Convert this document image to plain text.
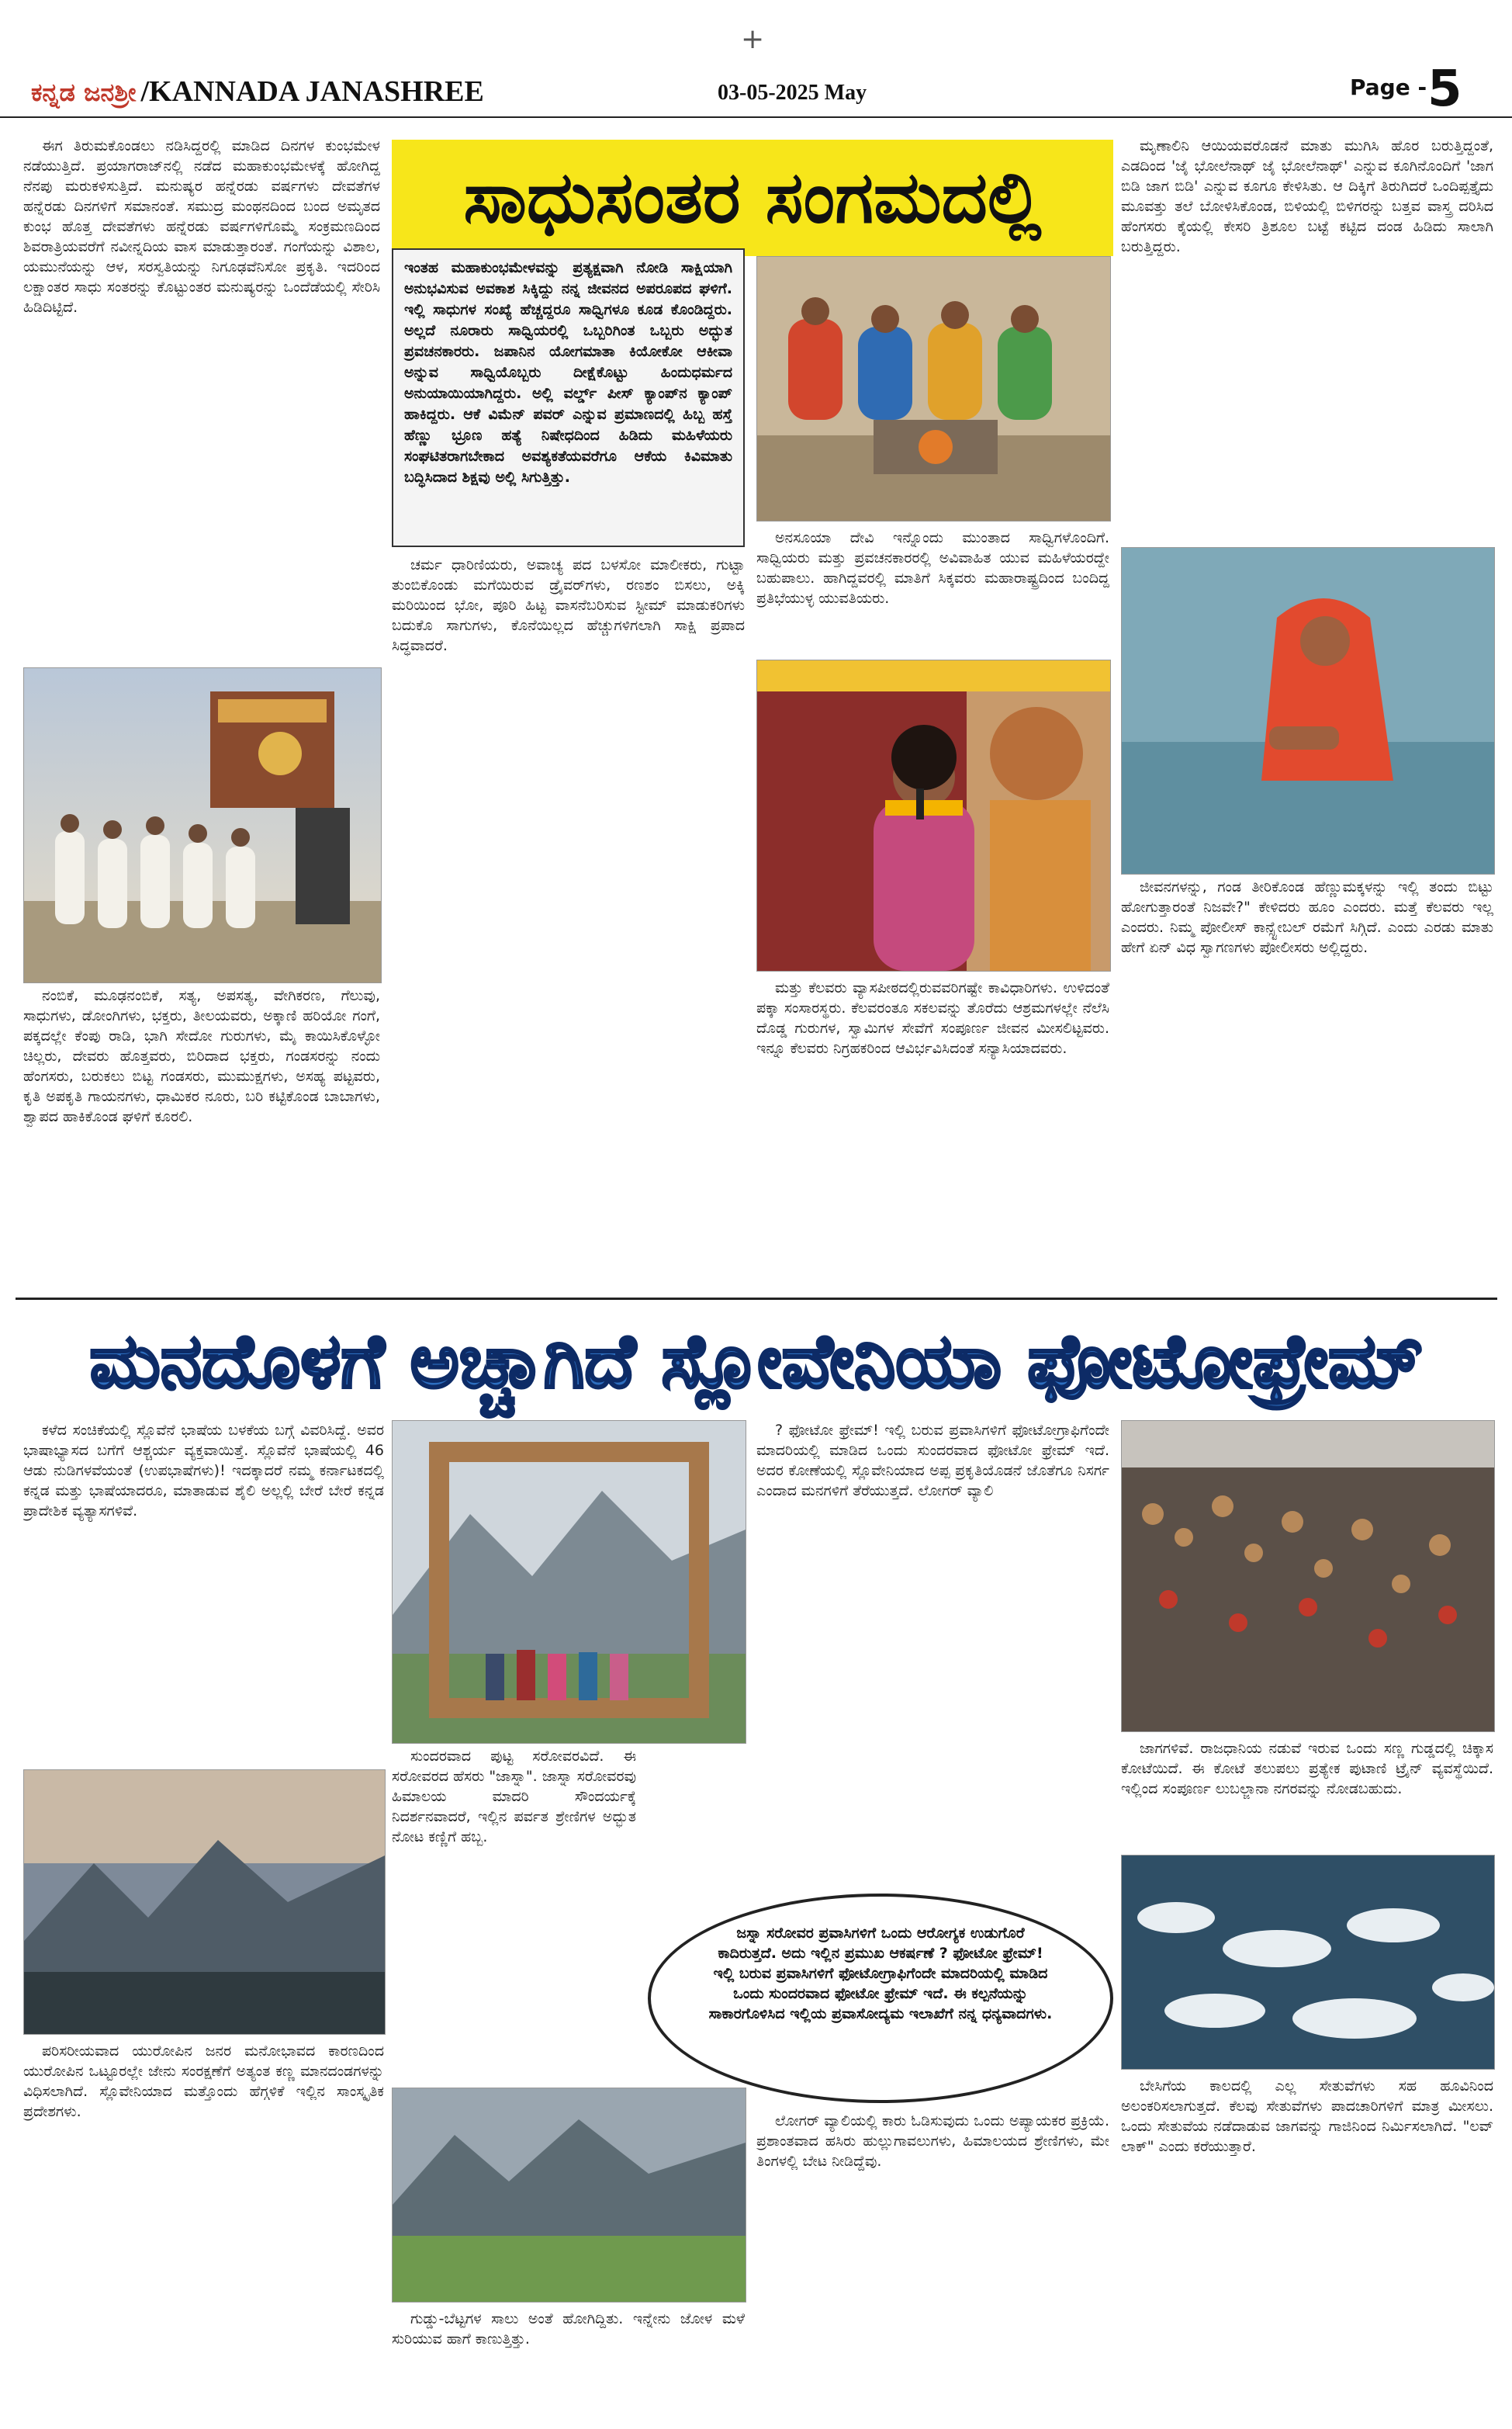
+
ಕನ್ನಡ ಜನಶ್ರೀ /KANNADA JANASHREE	03-05-2025 May	Page - 5
ಸಾಧುಸಂತರ ಸಂಗಮದಲ್ಲಿ

ಈಗ ತಿರುಮಕೊಂಡಲು ನಡಿಸಿದ್ದರಲ್ಲಿ ಮಾಡಿದ ದಿನಗಳ ಕುಂಭಮೇಳ ನಡೆಯುತ್ತಿದೆ. ಪ್ರಯಾಗರಾಜ್‌ನಲ್ಲಿ ನಡೆದ ಮಹಾಕುಂಭಮೇಳಕ್ಕೆ ಹೋಗಿದ್ದ ನೆನಪು ಮರುಕಳಿಸುತ್ತಿದೆ. ಮನುಷ್ಯರ ಹನ್ನೆರಡು ವರ್ಷಗಳು ದೇವತೆಗಳ ಹನ್ನೆರಡು ದಿನಗಳಿಗೆ ಸಮಾನಂತೆ. ಸಮುದ್ರ ಮಂಥನದಿಂದ ಬಂದ ಅಮೃತದ ಕುಂಭ ಹೊತ್ತ ದೇವತೆಗಳು ಹನ್ನೆರಡು ವರ್ಷಗಳಿಗೊಮ್ಮೆ ಸಂಕ್ರಮಣದಿಂದ ಶಿವರಾತ್ರಿಯವರೆಗೆ ನವೀನ್ನದಿಯ ವಾಸ ಮಾಡುತ್ತಾರಂತೆ. ಗಂಗೆಯನ್ನು ವಿಶಾಲ, ಯಮುನೆಯನ್ನು ಆಳ, ಸರಸ್ವತಿಯನ್ನು ನಿಗೂಢವೆನಿಸೋ ಪ್ರಕೃತಿ. ಇದರಿಂದ ಲಕ್ಷಾಂತರ ಸಾಧು ಸಂತರನ್ನು ಕೊಟ್ಟುಂತರ ಮನುಷ್ಯರನ್ನು ಒಂದೆಡೆಯಲ್ಲಿ ಸೇರಿಸಿ ಹಿಡಿದಿಟ್ಟಿದೆ.

ನಂಬಿಕೆ, ಮೂಢನಂಬಿಕೆ, ಸತ್ಯ, ಅಪಸತ್ಯ, ವೇಗಿಕರಣ, ಗೆಲುವು, ಸಾಧುಗಳು, ಡೋಂಗಿಗಳು, ಭಕ್ತರು, ತೀಲಯವರು, ಅಕ್ಕಾಣಿ ಹರಿಯೋ ಗಂಗೆ, ಪಕ್ಕದಲ್ಲೇ ಕೆಂಪು ರಾಡಿ, ಭಾಗಿ ಸೇದೋ ಗುರುಗಳು, ಮೈ ಕಾಯಿಸಿಕೊಳ್ಳೋ ಚಿಲ್ಲರು, ದೇವರು ಹೊತ್ತವರು, ಬಿರಿದಾದ ಭಕ್ತರು, ಗಂಡಸರನ್ನು ನಂದು ಹೆಂಗಸರು, ಬರುಕಲು ಬಿಟ್ಟ ಗಂಡಸರು, ಮುಮುಕ್ಷಗಳು, ಅಸಹ್ಯ ಪಟ್ಟವರು, ಕೃತಿ ಅಪಕೃತಿ ಗಾಯನಗಳು, ಧಾಮಿಕರ ನೂರು, ಬರಿ ಕಟ್ಟಿಕೊಂಡ ಬಾಬಾಗಳು, ಶ್ವಾಪದ ಹಾಕಿಕೊಂಡ ಘಳಿಗೆ ಕೂರಲಿ.

ಇಂತಹ ಮಹಾಕುಂಭಮೇಳವನ್ನು ಪ್ರತ್ಯಕ್ಷವಾಗಿ ನೋಡಿ ಸಾಕ್ಷಿಯಾಗಿ ಅನುಭವಿಸುವ ಅವಕಾಶ ಸಿಕ್ಕಿದ್ದು ನನ್ನ ಜೀವನದ ಅಪರೂಪದ ಘಳಿಗೆ. ಇಲ್ಲಿ ಸಾಧುಗಳ ಸಂಖ್ಯೆ ಹೆಚ್ಚದ್ದರೂ ಸಾಧ್ವಿಗಳೂ ಕೂಡ ಕೊಂಡಿದ್ದರು. ಅಲ್ಲದೆ ನೂರಾರು ಸಾಧ್ವಿಯರಲ್ಲಿ ಒಬ್ಬರಿಗಿಂತ ಒಬ್ಬರು ಅದ್ಭುತ ಪ್ರವಚನಕಾರರು. ಜಪಾನಿನ ಯೋಗಮಾತಾ ಕಿಯೋಕೋ ಆಕೀವಾ ಅನ್ನುವ ಸಾಧ್ವಿಯೊಬ್ಬರು ದೀಕ್ಷೆಕೊಟ್ಟು ಹಿಂದುಧರ್ಮದ ಅನುಯಾಯಿಯಾಗಿದ್ದರು. ಅಲ್ಲಿ ವರ್ಲ್ಡ್ ಪೀಸ್ ಕ್ಯಾಂಪ್‌ನ ಕ್ಯಾಂಪ್ ಹಾಕಿದ್ದರು. ಆಕೆ ವಿಮೆನ್ ಪವರ್ ಎನ್ನುವ ಪ್ರಮಾಣದಲ್ಲಿ ಹಿಬ್ಬ ಹಸ್ತೆ ಹೆಣ್ಣು ಭ್ರೂಣ ಹತ್ಯೆ ನಿಷೇಧದಿಂದ ಹಿಡಿದು ಮಹಿಳೆಯರು ಸಂಘಟಿತರಾಗಬೇಕಾದ ಅವಶ್ಯಕತೆಯವರೆಗೂ ಆಕೆಯ ಕಿವಿಮಾತು ಬದ್ಧಿಸಿದಾದ ಶಿಕ್ಷವು ಅಲ್ಲಿ ಸಿಗುತ್ತಿತ್ತು.

ಚರ್ಮ ಧಾರಿಣಿಯರು, ಅವಾಚ್ಯ ಪದ ಬಳಸೋ ಮಾಲೀಕರು, ಗುಟ್ಟಾ ತುಂಬಿಕೊಂಡು ಮಗೆಯಿರುವ ಡ್ರೈವರ್‌ಗಳು, ರಣಶಂ ಬಿಸಲು, ಅಕ್ಕಿ ಮರಿಯಿಂದ ಭೋ, ಪೂರಿ ಹಿಟ್ಟ ವಾಸನೆಬರಿಸುವ ಸ್ಟೀಮ್ ಮಾಡುಕರಿಗಳು ಬದುಕೊ ಸಾಗುಗಳು, ಕೊನೆಯಿಲ್ಲದ ಹೆಚ್ಚುಗಳಿಗಲಾಗಿ ಸಾಕ್ಷಿ ಪ್ರಪಾದ ಸಿದ್ಧವಾದರೆ.

ಅನಸೂಯಾ ದೇವಿ ಇನ್ನೊಂದು ಮುಂತಾದ ಸಾಧ್ವಿಗಳೊಂದಿಗೆ. ಸಾಧ್ವಿಯರು ಮತ್ತು ಪ್ರವಚನಕಾರರಲ್ಲಿ ಅವಿವಾಹಿತ ಯುವ ಮಹಿಳೆಯರದ್ದೇ ಬಹುಪಾಲು. ಹಾಗಿದ್ದವರಲ್ಲಿ ಮಾತಿಗೆ ಸಿಕ್ಕವರು ಮಹಾರಾಷ್ಟ್ರದಿಂದ ಬಂದಿದ್ದ ಪ್ರತಿಭೆಯುಳ್ಳ ಯುವತಿಯರು.

ಮತ್ತು ಕೆಲವರು ವ್ಯಾಸಪೀಠದಲ್ಲಿರುವವರಿಗಷ್ಟೇ ಕಾವಿಧಾರಿಗಳು. ಉಳಿದಂತೆ ಪಕ್ಕಾ ಸಂಸಾರಸ್ಥರು. ಕೆಲವರಂತೂ ಸಕಲವನ್ನು ತೊರೆದು ಆಶ್ರಮಗಳಲ್ಲೇ ನೆಲೆಸಿ ದೊಡ್ಡ ಗುರುಗಳ, ಸ್ವಾಮಿಗಳ ಸೇವೆಗೆ ಸಂಪೂರ್ಣ ಜೀವನ ಮೀಸಲಿಟ್ಟವರು. ಇನ್ನೂ ಕೆಲವರು ನಿಗ್ರಹಕರಿಂದ ಆವಿರ್ಭವಿಸಿದಂತೆ ಸನ್ಯಾಸಿಯಾದವರು.

ಮೃಣಾಲಿನಿ ಆಯಿಯವರೊಡನೆ ಮಾತು ಮುಗಿಸಿ ಹೊರ ಬರುತ್ತಿದ್ದಂತೆ, ಎಡದಿಂದ 'ಜೈ ಭೋಲೆನಾಥ್ ಜೈ ಭೋಲೆನಾಥ್' ಎನ್ನುವ ಕೂಗಿನೊಂದಿಗೆ 'ಜಾಗ ಬಿಡಿ ಜಾಗ ಬಿಡಿ' ಎನ್ನುವ ಕೂಗೂ ಕೇಳಿಸಿತು. ಆ ದಿಕ್ಕಿಗೆ ತಿರುಗಿದರೆ ಒಂದಿಪ್ಪತ್ತೈದು ಮೂವತ್ತು ತಲೆ ಬೋಳಿಸಿಕೊಂಡ, ಬಿಳಿಯಲ್ಲಿ ಬಿಳಿಗರನ್ನು ಬತ್ತವ ವಾಸ್ತ್ರ ದರಿಸಿದ ಹೆಂಗಸರು ಕೈಯಲ್ಲಿ ಕೇಸರಿ ತ್ರಿಶೂಲ ಬಟ್ಟೆ ಕಟ್ಟಿದ ದಂಡ ಹಿಡಿದು ಸಾಲಾಗಿ ಬರುತ್ತಿದ್ದರು.

ಜೀವನಗಳನ್ನು, ಗಂಡ ತೀರಿಕೊಂಡ ಹೆಣ್ಣುಮಕ್ಕಳನ್ನು ಇಲ್ಲಿ ತಂದು ಬಿಟ್ಟು ಹೋಗುತ್ತಾರಂತೆ ನಿಜವೇ?" ಕೇಳಿದರು ಹೂಂ ಎಂದರು. ಮತ್ತೆ ಕೆಲವರು ಇಲ್ಲ ಎಂದರು. ನಿಮ್ಮ ಪೋಲೀಸ್ ಕಾನ್ಸ್ಟೇಬಲ್ ರಮೆಗೆ ಸಿಗ್ಗಿದೆ. ಎಂದು ಎರಡು ಮಾತು ಹೇಗೆ ಏನ್ ವಿಧ ಸ್ವಾಗಣಗಳು ಪೋಲೀಸರು ಅಲ್ಲಿದ್ದರು.

ಮನದೊಳಗೆ ಅಚ್ಚಾಗಿದೆ ಸ್ಲೋವೇನಿಯಾ ಫೋಟೋಫ್ರೇಮ್

ಕಳೆದ ಸಂಚಿಕೆಯಲ್ಲಿ ಸ್ಲೊವೆನೆ ಭಾಷೆಯ ಬಳಕೆಯ ಬಗ್ಗೆ ವಿವರಿಸಿದ್ದೆ. ಅವರ ಭಾಷಾಭ್ಯಾಸದ ಬಗೆಗೆ ಆಶ್ಚರ್ಯ ವ್ಯಕ್ತವಾಯಿತ್ತೆ. ಸ್ಲೊವೆನೆ ಭಾಷೆಯಲ್ಲಿ 46 ಆಡು ನುಡಿಗಳವೆಯಂತೆ (ಉಪಭಾಷೆಗಳು)! ಇದಕ್ಕಾದರೆ ನಮ್ಮ ಕರ್ನಾಟಕದಲ್ಲಿ ಕನ್ನಡ ಮತ್ತು ಭಾಷೆಯಾದರೂ, ಮಾತಾಡುವ ಶೈಲಿ ಅಲ್ಲಲ್ಲಿ ಬೇರೆ ಬೇರೆ ಕನ್ನಡ ಪ್ರಾದೇಶಿಕ ವ್ಯತ್ಯಾಸಗಳಿವೆ.

ಪರಿಸರೀಯವಾದ ಯುರೋಪಿನ ಜನರ ಮನೋಭಾವದ ಕಾರಣದಿಂದ ಯುರೋಪಿನ ಒಟ್ಟೂರಲ್ಲೇ ಜೇನು ಸಂರಕ್ಷಣೆಗೆ ಅತ್ಯಂತ ಕಣ್ಣ ಮಾನದಂಡಗಳನ್ನು ವಿಧಿಸಲಾಗಿದೆ. ಸ್ಲೊವೇನಿಯಾದ ಮತ್ತೊಂದು ಹೆಗ್ಗಳಿಕೆ ಇಲ್ಲಿನ ಸಾಂಸ್ಕೃತಿಕ ಪ್ರದೇಶಗಳು.

ಸುಂದರವಾದ ಪುಟ್ಟ ಸರೋವರವಿದೆ. ಈ ಸರೋವರದ ಹೆಸರು "ಜಾಸ್ನಾ". ಜಾಸ್ನಾ ಸರೋವರವು ಹಿಮಾಲಯ ಮಾದರಿ ಸೌಂದರ್ಯಕ್ಕೆ ನಿದರ್ಶನವಾದರೆ, ಇಲ್ಲಿನ ಪರ್ವತ ಶ್ರೇಣಿಗಳ ಅದ್ಭುತ ನೋಟ ಕಣ್ಣಿಗೆ ಹಬ್ಬ.

ಗುಡ್ಡು-ಬೆಟ್ಟಗಳ ಸಾಲು ಅಂತೆ ಹೋಗಿದ್ದಿತು. ಇನ್ನೇನು ಜೋಳ ಮಳೆ ಸುರಿಯುವ ಹಾಗೆ ಕಾಣುತ್ತಿತ್ತು.

? ಫೋಟೋ ಫ್ರೇಮ್! ಇಲ್ಲಿ ಬರುವ ಪ್ರವಾಸಿಗಳಿಗೆ ಫೋಟೋಗ್ರಾಫಿಗೆಂದೇ ಮಾದರಿಯಲ್ಲಿ ಮಾಡಿದ ಒಂದು ಸುಂದರವಾದ ಫೋಟೋ ಫ್ರೇಮ್ ಇದೆ. ಅದರ ಕೋಣೆಯಲ್ಲಿ ಸ್ಲೊವೇನಿಯಾದ ಅಪ್ಪ ಪ್ರಕೃತಿಯೊಡನೆ ಜೊತೆಗೂ ನಿಸರ್ಗ ಎಂದಾದ ಮನಗಳಿಗೆ ತೆರೆಯುತ್ತದೆ. ಲೋಗರ್ ವ್ಯಾಲಿ

ಜಸ್ನಾ ಸರೋವರ ಪ್ರವಾಸಿಗಳಿಗೆ ಒಂದು ಆರೋಗ್ಯಕ ಉಡುಗೊರೆ ಕಾದಿರುತ್ತದೆ. ಅದು ಇಲ್ಲಿನ ಪ್ರಮುಖ ಆಕರ್ಷಣೆ ? ಫೋಟೋ ಫ್ರೇಮ್! ಇಲ್ಲಿ ಬರುವ ಪ್ರವಾಸಿಗಳಿಗೆ ಫೋಟೋಗ್ರಾಫಿಗೆಂದೇ ಮಾದರಿಯಲ್ಲಿ ಮಾಡಿದ ಒಂದು ಸುಂದರವಾದ ಫೋಟೋ ಫ್ರೇಮ್ ಇದೆ. ಈ ಕಲ್ಪನೆಯನ್ನು ಸಾಕಾರಗೊಳಿಸಿದ ಇಲ್ಲಿಯ ಪ್ರವಾಸೋದ್ಯಮ ಇಲಾಖೆಗೆ ನನ್ನ ಧನ್ಯವಾದಗಳು.

ಲೋಗರ್ ವ್ಯಾಲಿಯಲ್ಲಿ ಕಾರು ಓಡಿಸುವುದು ಒಂದು ಅಪ್ಯಾಯಕರ ಪ್ರಕ್ರಿಯೆ. ಪ್ರಶಾಂತವಾದ ಹಸಿರು ಹುಲ್ಲುಗಾವಲುಗಳು, ಹಿಮಾಲಯದ ಶ್ರೇಣಿಗಳು, ಮೇ ತಿಂಗಳಲ್ಲಿ ಬೇಟ ನೀಡಿದ್ದೆವು.

ಜಾಗಗಳಿವೆ. ರಾಜಧಾನಿಯ ನಡುವೆ ಇರುವ ಒಂದು ಸಣ್ಣ ಗುಡ್ಡದಲ್ಲಿ ಚಿಕ್ಕಾಸ ಕೋಟೆಯಿದೆ. ಈ ಕೋಟೆ ತಲುಪಲು ಪ್ರತ್ಯೇಕ ಪುಟಾಣಿ ಟ್ರೈನ್ ವ್ಯವಸ್ಥೆಯಿದೆ. ಇಲ್ಲಿಂದ ಸಂಪೂರ್ಣ ಲುಬಲ್ಜಾನಾ ನಗರವನ್ನು ನೋಡಬಹುದು.

ಬೇಸಿಗೆಯ ಕಾಲದಲ್ಲಿ ಎಲ್ಲ ಸೇತುವೆಗಳು ಸಹ ಹೂವಿನಿಂದ ಅಲಂಕರಿಸಲಾಗುತ್ತದೆ. ಕೆಲವು ಸೇತುವೆಗಳು ಪಾದಚಾರಿಗಳಿಗೆ ಮಾತ್ರ ಮೀಸಲು. ಒಂದು ಸೇತುವೆಯ ನಡೆದಾಡುವ ಜಾಗವನ್ನು ಗಾಜಿನಿಂದ ನಿರ್ಮಿಸಲಾಗಿದೆ. "ಲವ್ ಲಾಕ್" ಎಂದು ಕರೆಯುತ್ತಾರೆ.
